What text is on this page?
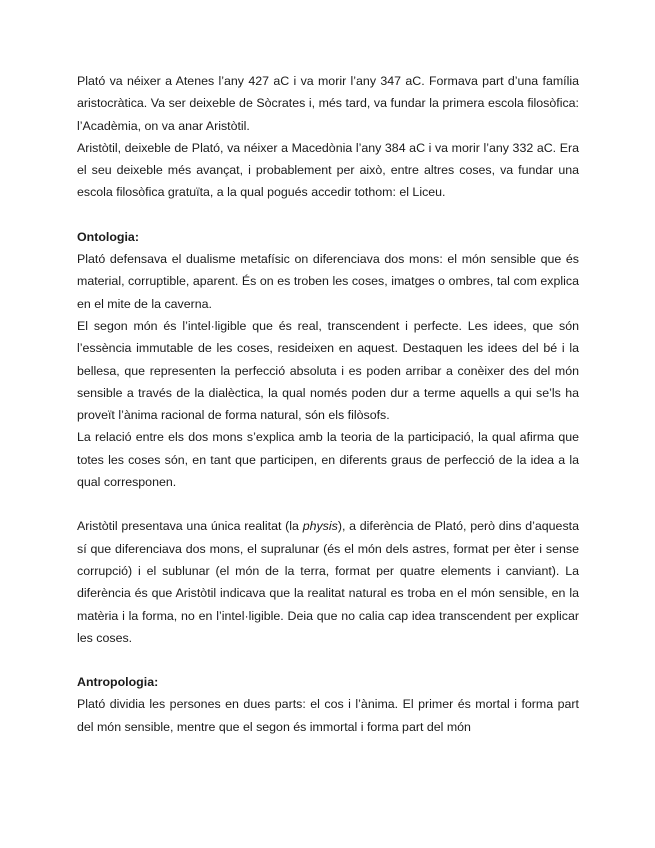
Plató va néixer a Atenes l’any 427 aC i va morir l’any 347 aC. Formava part d’una família aristocràtica. Va ser deixeble de Sòcrates i, més tard, va fundar la primera escola filosòfica: l’Acadèmia, on va anar Aristòtil.

Aristòtil, deixeble de Plató, va néixer a Macedònia l’any 384 aC i va morir l’any 332 aC. Era el seu deixeble més avançat, i probablement per això, entre altres coses, va fundar una escola filosòfica gratuïta, a la qual pogués accedir tothom: el Liceu.

Ontologia:

Plató defensava el dualisme metafísic on diferenciava dos mons: el món sensible que és material, corruptible, aparent. És on es troben les coses, imatges o ombres, tal com explica en el mite de la caverna.

El segon món és l’intel·ligible que és real, transcendent i perfecte. Les idees, que són l’essència immutable de les coses, resideixen en aquest. Destaquen les idees del bé i la bellesa, que representen la perfecció absoluta i es poden arribar a conèixer des del món sensible a través de la dialèctica, la qual només poden dur a terme aquells a qui se’ls ha proveït l’ànima racional de forma natural, són els filòsofs.

La relació entre els dos mons s’explica amb la teoria de la participació, la qual afirma que totes les coses són, en tant que participen, en diferents graus de perfecció de la idea a la qual corresponen.

Aristòtil presentava una única realitat (la physis), a diferència de Plató, però dins d’aquesta sí que diferenciava dos mons, el supralunar (és el món dels astres, format per èter i sense corrupció) i el sublunar (el món de la terra, format per quatre elements i canviant). La diferència és que Aristòtil indicava que la realitat natural es troba en el món sensible, en la matèria i la forma, no en l’intel·ligible. Deia que no calia cap idea transcendent per explicar les coses.

Antropologia:

Plató dividia les persones en dues parts: el cos i l’ànima. El primer és mortal i forma part del món sensible, mentre que el segon és immortal i forma part del món
